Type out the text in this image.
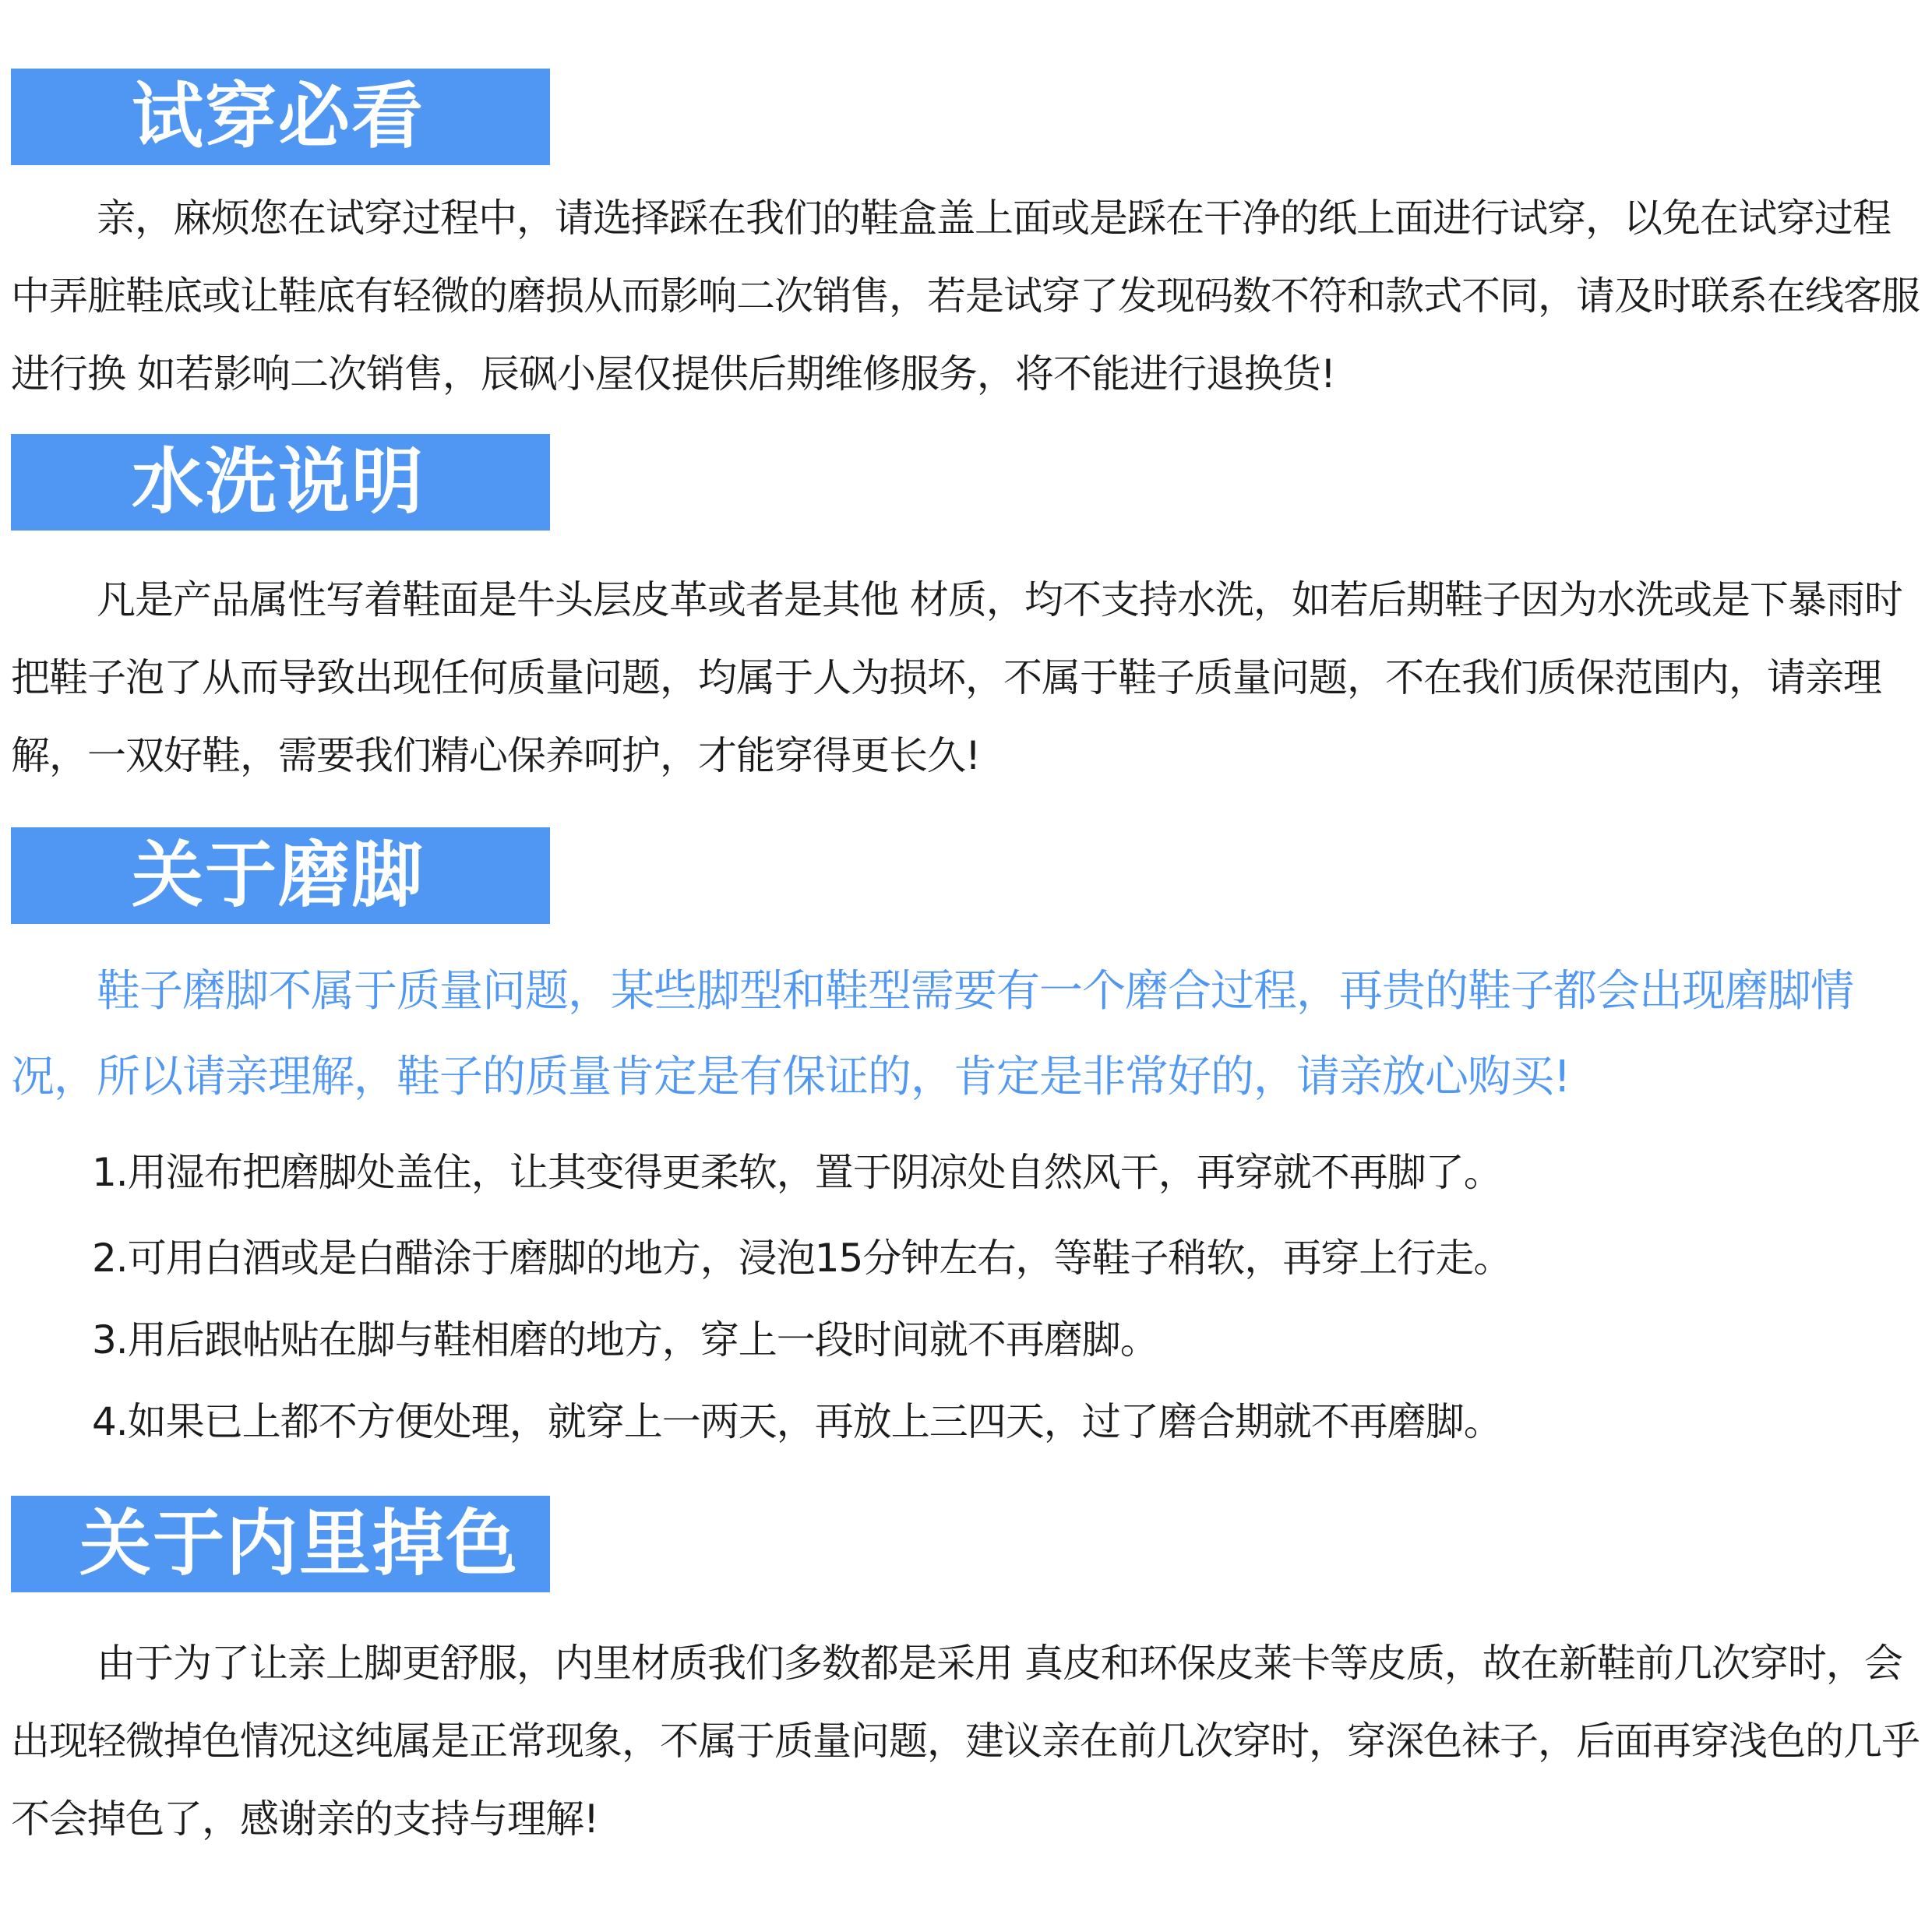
试穿必看

亲，麻烦您在试穿过程中，请选择踩在我们的鞋盒盖上面或是踩在干净的纸上面进行试穿，以免在试穿过程中弄脏鞋底或让鞋底有轻微的磨损从而影响二次销售，若是试穿了发现码数不符和款式不同，请及时联系在线客服进行换 如若影响二次销售，辰砜小屋仅提供后期维修服务，将不能进行退换货!

水洗说明

凡是产品属性写着鞋面是牛头层皮革或者是其他 材质，均不支持水洗，如若后期鞋子因为水洗或是下暴雨时把鞋子泡了从而导致出现任何质量问题，均属于人为损坏，不属于鞋子质量问题，不在我们质保范围内，请亲理解，一双好鞋，需要我们精心保养呵护，才能穿得更长久!

关于磨脚

鞋子磨脚不属于质量问题，某些脚型和鞋型需要有一个磨合过程，再贵的鞋子都会出现磨脚情况，所以请亲理解，鞋子的质量肯定是有保证的，肯定是非常好的，请亲放心购买!

1.用湿布把磨脚处盖住，让其变得更柔软，置于阴凉处自然风干，再穿就不再脚了。

2.可用白酒或是白醋涂于磨脚的地方，浸泡15分钟左右，等鞋子稍软，再穿上行走。

3.用后跟帖贴在脚与鞋相磨的地方，穿上一段时间就不再磨脚。

4.如果已上都不方便处理，就穿上一两天，再放上三四天，过了磨合期就不再磨脚。

关于内里掉色

由于为了让亲上脚更舒服，内里材质我们多数都是采用 真皮和环保皮莱卡等皮质，故在新鞋前几次穿时，会出现轻微掉色情况这纯属是正常现象，不属于质量问题，建议亲在前几次穿时，穿深色袜子，后面再穿浅色的几乎不会掉色了，感谢亲的支持与理解!
